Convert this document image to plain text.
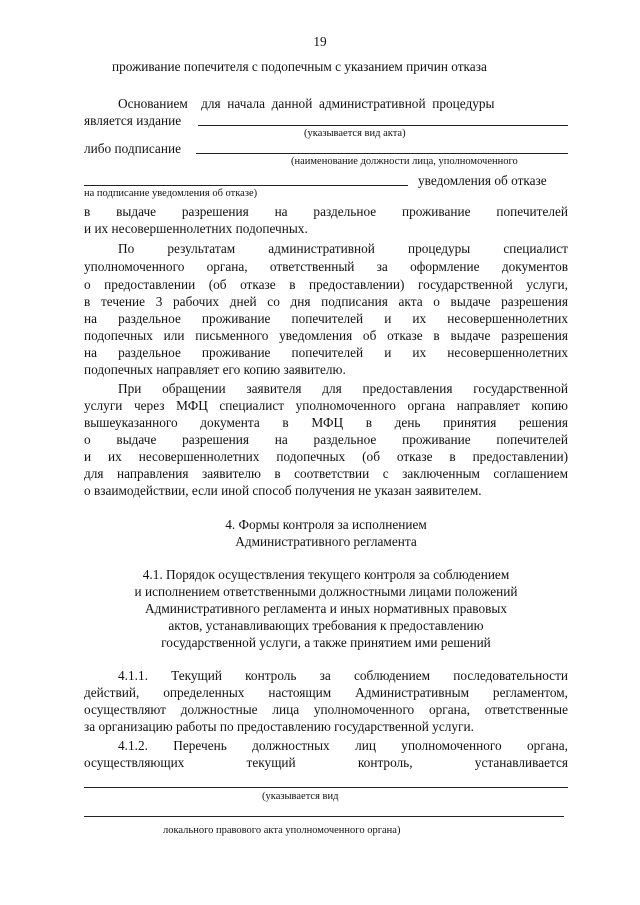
19
проживание попечителя с подопечным с указанием причин отказа
Основанием    для  начала  данной  административной  процедуры
является издание
(указывается вид акта)
либо подписание
(наименование должности лица, уполномоченного
уведомления об отказе
на подписание уведомления об отказе)
в выдаче разрешения на раздельное проживание попечителей
и их несовершеннолетних подопечных.
По результатам административной процедуры специалист
уполномоченного органа, ответственный за оформление документов
о предоставлении (об отказе в предоставлении) государственной услуги,
в течение 3 рабочих дней со дня подписания акта о выдаче разрешения
на раздельное проживание попечителей и их несовершеннолетних
подопечных или письменного уведомления об отказе в выдаче разрешения
на раздельное проживание попечителей и их несовершеннолетних
подопечных направляет его копию заявителю.
При обращении заявителя для предоставления государственной
услуги через МФЦ специалист уполномоченного органа направляет копию
вышеуказанного документа в МФЦ в день принятия решения
о выдаче разрешения на раздельное проживание попечителей
и их несовершеннолетних подопечных (об отказе в предоставлении)
для направления заявителю в соответствии с заключенным соглашением
о взаимодействии, если иной способ получения не указан заявителем.
4. Формы контроля за исполнением
Административного регламента
4.1. Порядок осуществления текущего контроля за соблюдением
и исполнением ответственными должностными лицами положений
Административного регламента и иных нормативных правовых
актов, устанавливающих требования к предоставлению
государственной услуги, а также принятием ими решений
4.1.1. Текущий контроль за соблюдением последовательности
действий, определенных настоящим Административным регламентом,
осуществляют должностные лица уполномоченного органа, ответственные
за организацию работы по предоставлению государственной услуги.
4.1.2. Перечень должностных лиц уполномоченного органа,
осуществляющих текущий контроль, устанавливается
(указывается вид
локального правового акта уполномоченного органа)
